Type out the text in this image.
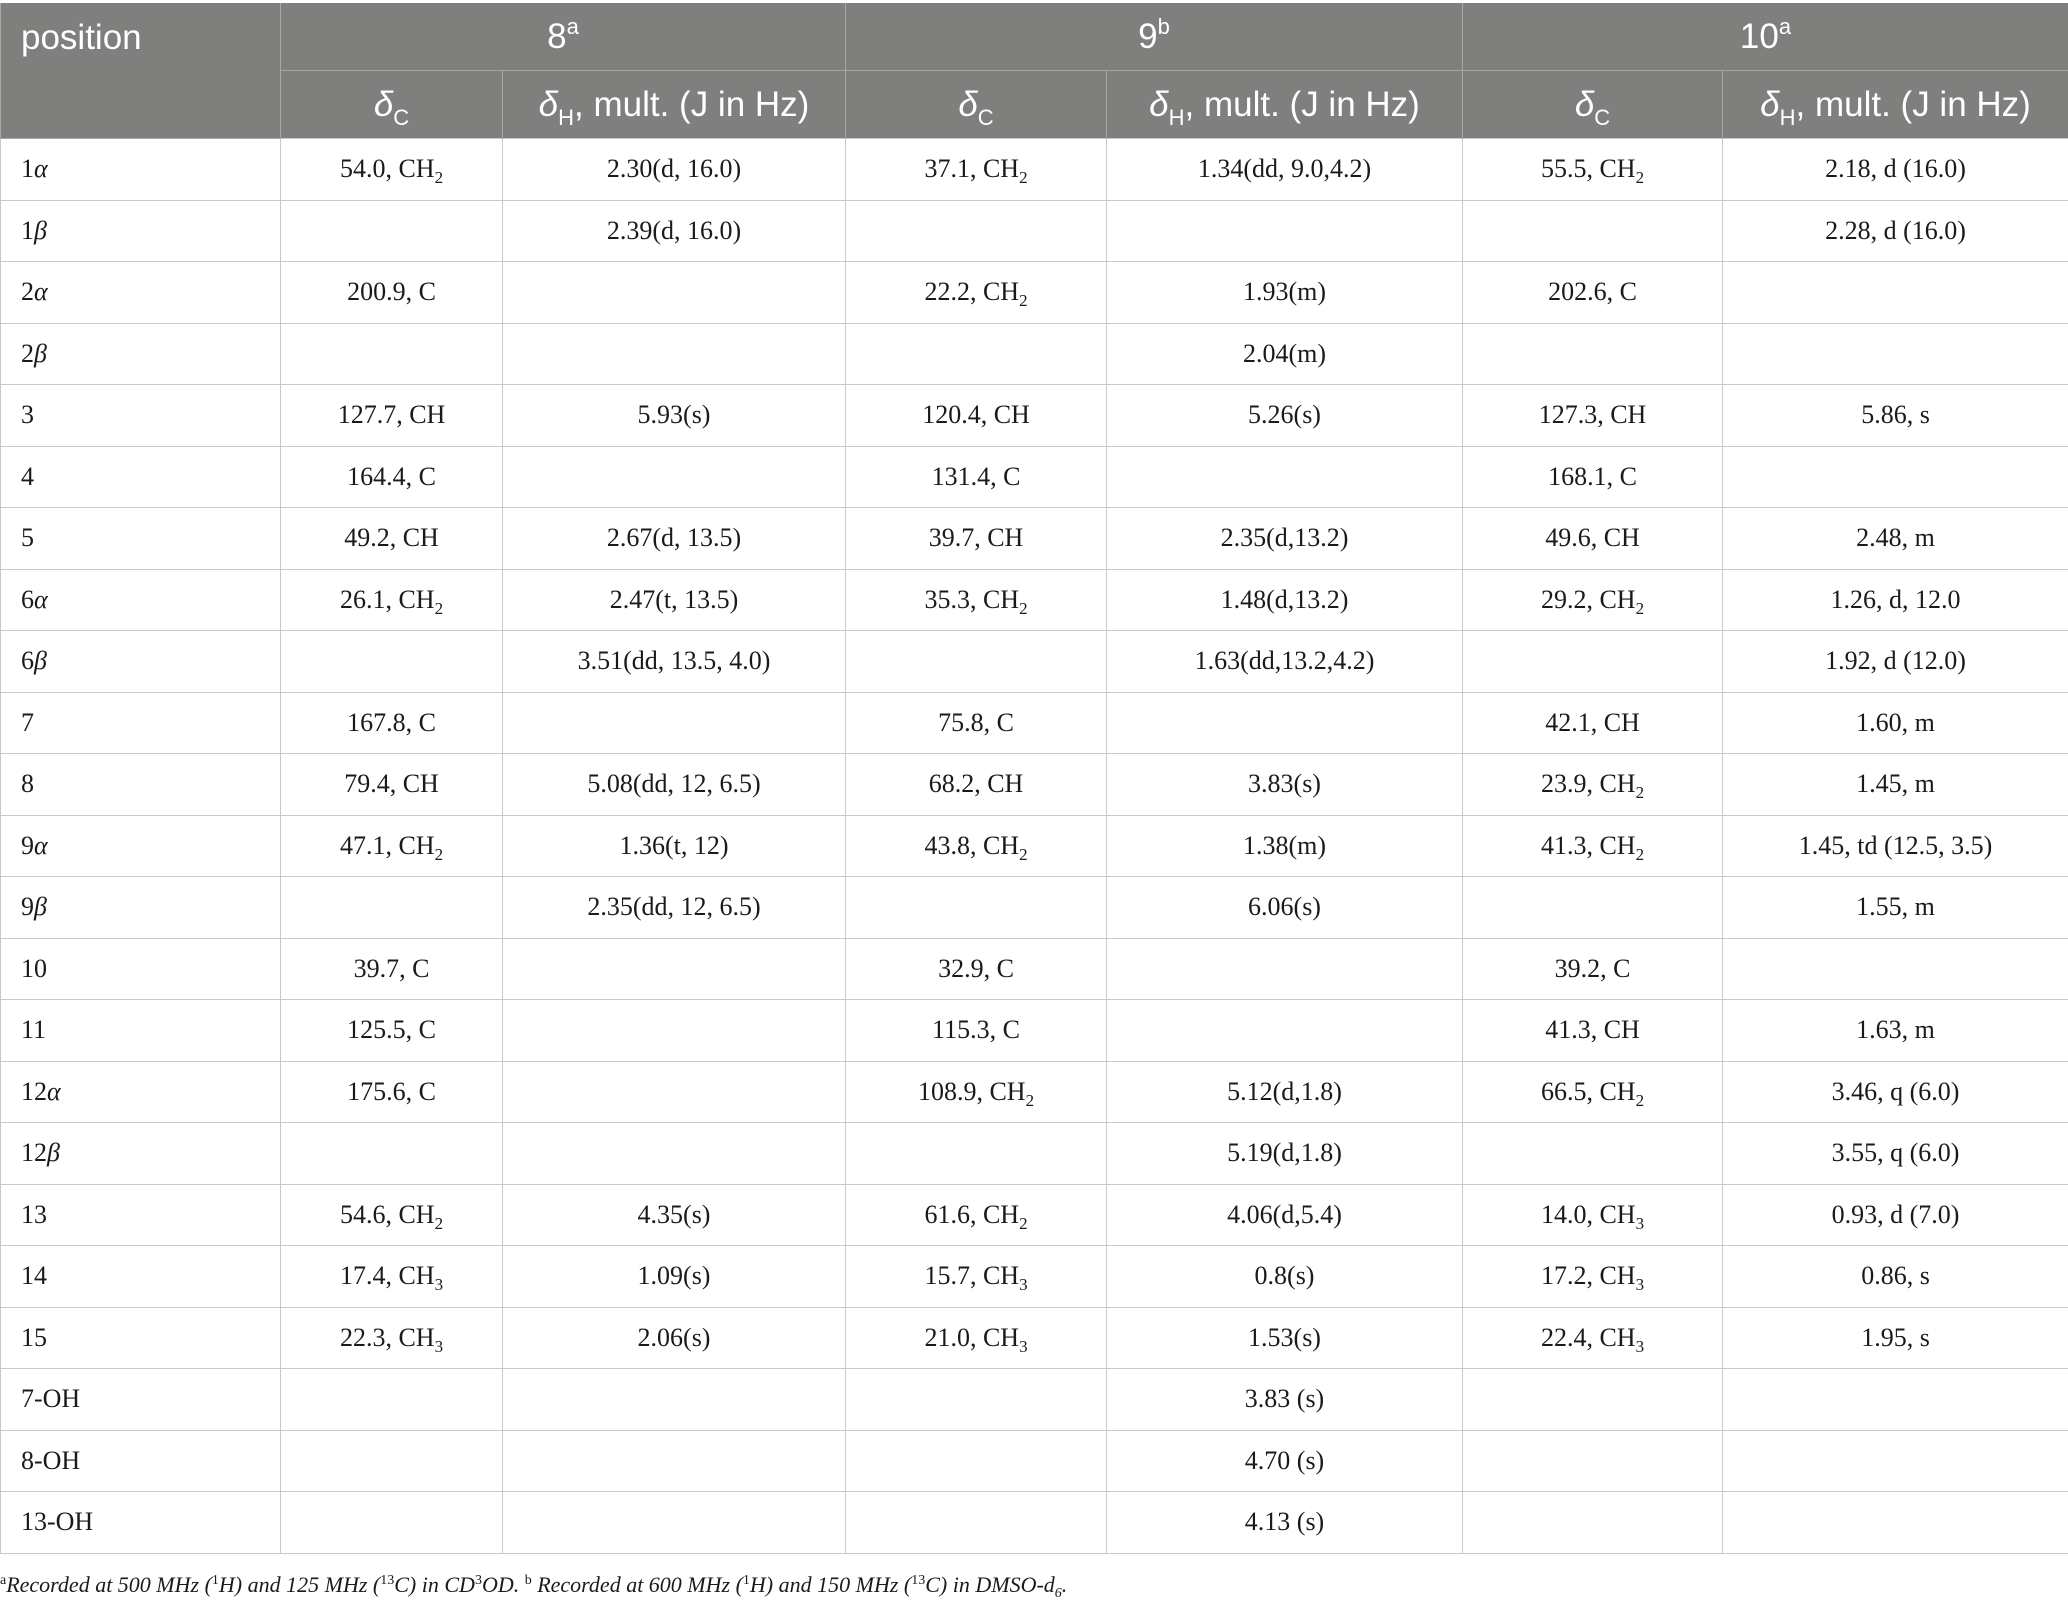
position	8$^a$		9$^b$		10$^a$
	$\delta_C$	$\delta_H$, mult. (J in Hz)	$\delta_C$	$\delta_H$, mult. (J in Hz)	$\delta_C$	$\delta_H$, mult. (J in Hz)
1α	54.0, $CH_2$	2.30(d, 16.0)	37.1, $CH_2$	1.34(dd, 9.0,4.2)	55.5, $CH_2$	2.18, d (16.0)
1β		2.39(d, 16.0)				2.28, d (16.0)
2α	200.9, C		22.2, $CH_2$	1.93(m)	202.6, C	
2β				2.04(m)		
3	127.7, CH	5.93(s)	120.4, CH	5.26(s)	127.3, CH	5.86, s
4	164.4, C		131.4, C		168.1, C	
5	49.2, CH	2.67(d, 13.5)	39.7, CH	2.35(d,13.2)	49.6, CH	2.48, m
6α	26.1, $CH_2$	2.47(t, 13.5)	35.3, $CH_2$	1.48(d,13.2)	29.2, $CH_2$	1.26, d, 12.0
6β		3.51(dd, 13.5, 4.0)		1.63(dd,13.2,4.2)		1.92, d (12.0)
7	167.8, C		75.8, C		42.1, CH	1.60, m
8	79.4, CH	5.08(dd, 12, 6.5)	68.2, CH	3.83(s)	23.9, $CH_2$	1.45, m
9α	47.1, $CH_2$	1.36(t, 12)	43.8, $CH_2$	1.38(m)	41.3, $CH_2$	1.45, td (12.5, 3.5)
9β		2.35(dd, 12, 6.5)		6.06(s)		1.55, m
10	39.7, C		32.9, C		39.2, C	
11	125.5, C		115.3, C		41.3, CH	1.63, m
12α	175.6, C		108.9, $CH_2$	5.12(d,1.8)	66.5, $CH_2$	3.46, q (6.0)
12β				5.19(d,1.8)		3.55, q (6.0)
13	54.6, $CH_2$	4.35(s)	61.6, $CH_2$	4.06(d,5.4)	14.0, $CH_3$	0.93, d (7.0)
14	17.4, $CH_3$	1.09(s)	15.7, $CH_3$	0.8(s)	17.2, $CH_3$	0.86, s
15	22.3, $CH_3$	2.06(s)	21.0, $CH_3$	1.53(s)	22.4, $CH_3$	1.95, s
7-OH				3.83 (s)		
8-OH				4.70 (s)		
13-OH				4.13 (s)		
$^a$Recorded at 500 MHz ($^1$H) and 125 MHz ($^{13}$C) in $CD^3OD$. $^b$ Recorded at 600 MHz ($^1$H) and 150 MHz ($^{13}$C) in DMSO-$d_6$.
